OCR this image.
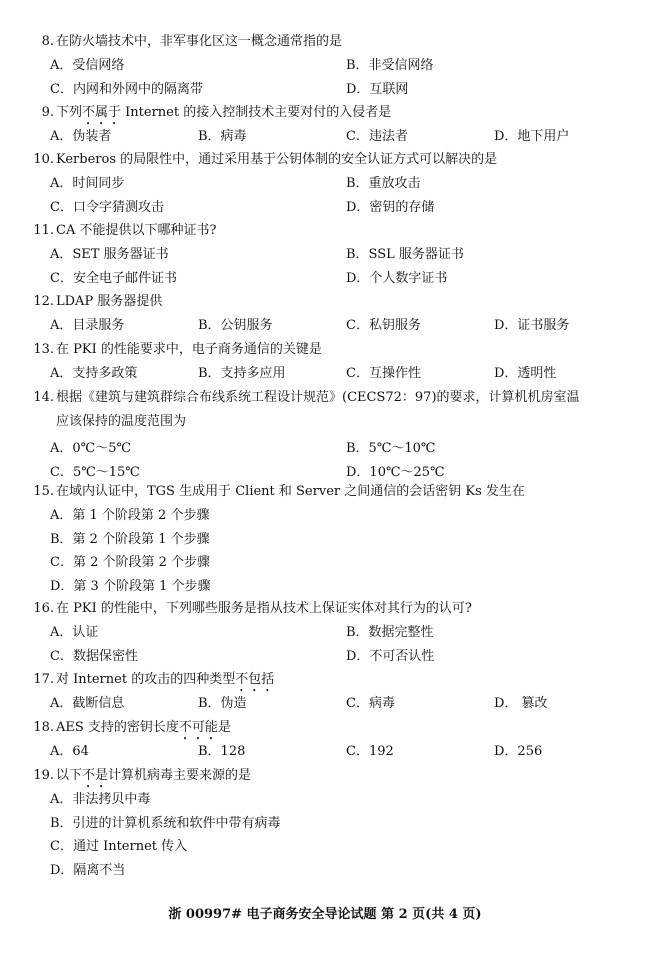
8. 在防火墙技术中，非军事化区这一概念通常指的是
A．受信网络	B．非受信网络
C．内网和外网中的隔离带	D．互联网
9. 下列不属于 Internet 的接入控制技术主要对付的入侵者是
A．伪装者	B．病毒	C．违法者	D．地下用户
10. Kerberos 的局限性中，通过采用基于公钥体制的安全认证方式可以解决的是
A．时间同步	B．重放攻击
C．口令字猜测攻击	D．密钥的存储
11. CA 不能提供以下哪种证书?
A．SET 服务器证书	B．SSL 服务器证书
C．安全电子邮件证书	D．个人数字证书
12. LDAP 服务器提供
A．目录服务	B．公钥服务	C．私钥服务	D．证书服务
13. 在 PKI 的性能要求中，电子商务通信的关键是
A．支持多政策	B．支持多应用	C．互操作性	D．透明性
14. 根据《建筑与建筑群综合布线系统工程设计规范》(CECS72：97)的要求，计算机机房室温应该保持的温度范围为
A．0℃～5℃	B．5℃～10℃
C．5℃～15℃	D．10℃～25℃
15. 在域内认证中，TGS 生成用于 Client 和 Server 之间通信的会话密钥 Ks 发生在
A．第 1 个阶段第 2 个步骤
B．第 2 个阶段第 1 个步骤
C．第 2 个阶段第 2 个步骤
D．第 3 个阶段第 1 个步骤
16. 在 PKI 的性能中，下列哪些服务是指从技术上保证实体对其行为的认可?
A．认证	B．数据完整性
C．数据保密性	D．不可否认性
17. 对 Internet 的攻击的四种类型不包括
A．截断信息	B．伪造	C．病毒	D． 篡改
18. AES 支持的密钥长度不可能是
A．64	B．128	C．192	D．256
19. 以下不是计算机病毒主要来源的是
A．非法拷贝中毒
B．引进的计算机系统和软件中带有病毒
C．通过 Internet 传入
D．隔离不当
浙 00997# 电子商务安全导论试题 第 2 页(共 4 页)
